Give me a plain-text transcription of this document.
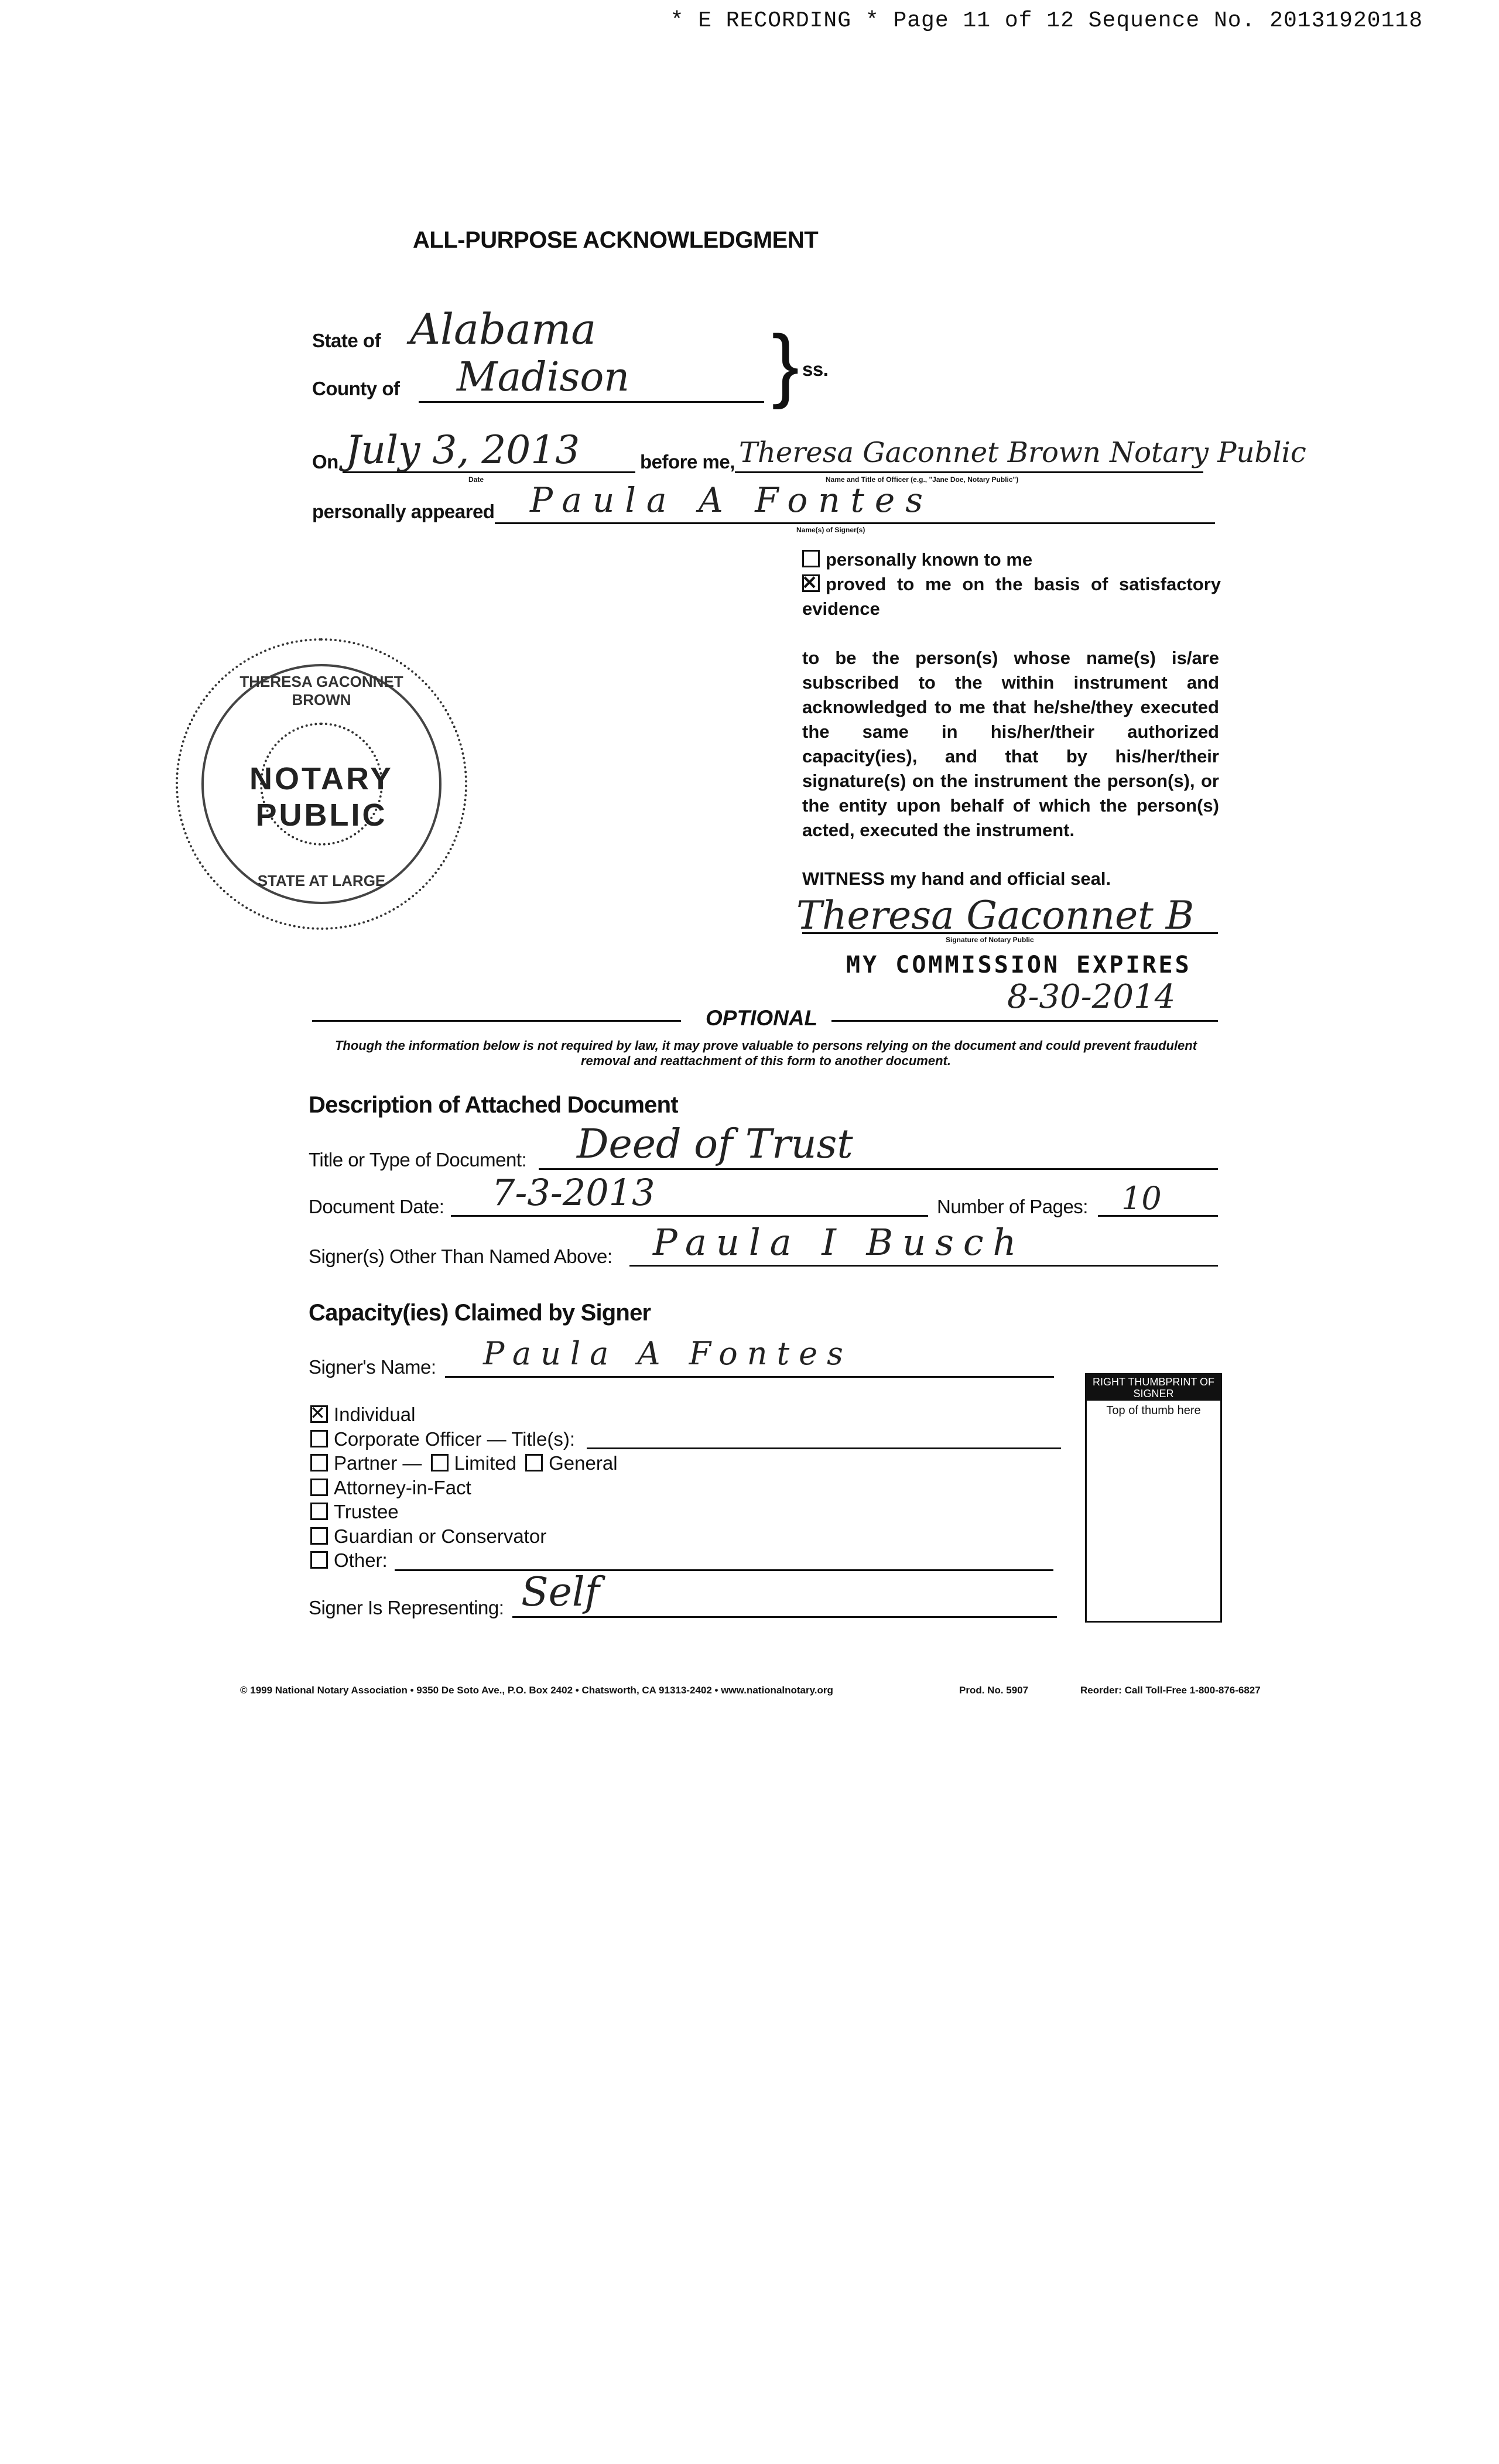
* E RECORDING * Page 11 of 12 Sequence No. 20131920118
ALL-PURPOSE ACKNOWLEDGMENT
State of Alabama
County of Madison } ss.
On July 3, 2013
Date
before me, Theresa Gaconnet Brown Notary Public
Name and Title of Officer (e.g., "Jane Doe, Notary Public")
personally appeared Paula A Fontes
Name(s) of Signer(s)
personally known to me
✕proved to me on the basis of satisfactory evidence
to be the person(s) whose name(s) is/are subscribed to the within instrument and acknowledged to me that he/she/they executed the same in his/her/their authorized capacity(ies), and that by his/her/their signature(s) on the instrument the person(s), or the entity upon behalf of which the person(s) acted, executed the instrument.
WITNESS my hand and official seal.
Theresa Gaconnet B
Signature of Notary Public
MY COMMISSION EXPIRES
8-30-2014
THERESA GACONNET BROWN
NOTARY PUBLIC
STATE AT LARGE
OPTIONAL
Though the information below is not required by law, it may prove valuable to persons relying on the document and could prevent fraudulent removal and reattachment of this form to another document.
Description of Attached Document
Title or Type of Document: Deed of Trust
Document Date: 7-3-2013	Number of Pages: 10
Signer(s) Other Than Named Above: Paula I Busch
Capacity(ies) Claimed by Signer
Signer's Name: Paula A Fontes
✕Individual
Corporate Officer — Title(s):
Partner — Limited General
Attorney-in-Fact
Trustee
Guardian or Conservator
Other:
Signer Is Representing: Self
RIGHT THUMBPRINT OF SIGNER
Top of thumb here
© 1999 National Notary Association • 9350 De Soto Ave., P.O. Box 2402 • Chatsworth, CA 91313-2402 • www.nationalnotary.org	Prod. No. 5907	Reorder: Call Toll-Free 1-800-876-6827
